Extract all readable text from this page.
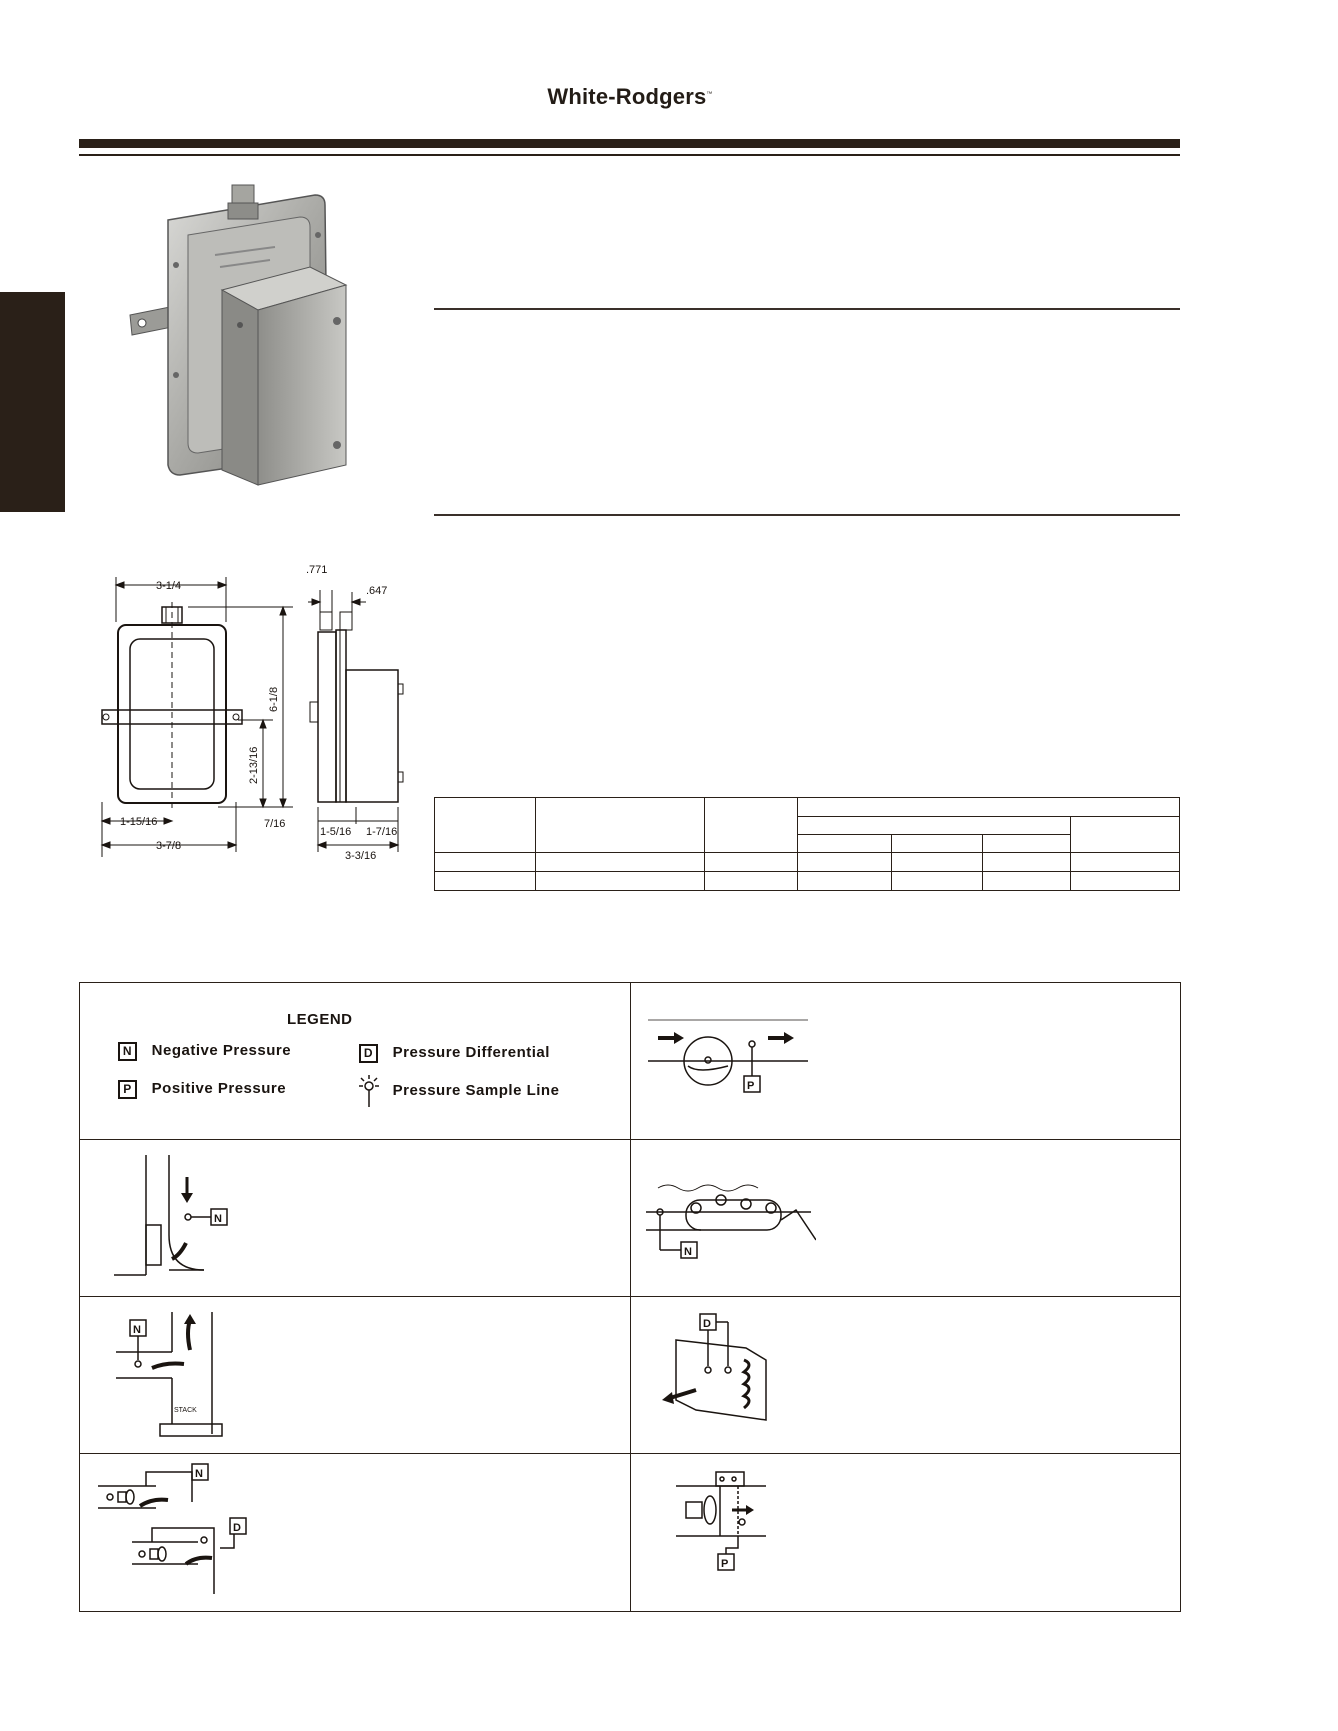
White-Rodgers™
3-1/4
6-1/8
2-13/16
1-15/16
3-7/8
7/16
.771
.647
1-5/16 1-7/16
3-3/16

LEGEND
N Negative Pressure	D Pressure Differential
P Positive Pressure	Pressure Sample Line	P
N
N
N
STACK
D
N
D
P
